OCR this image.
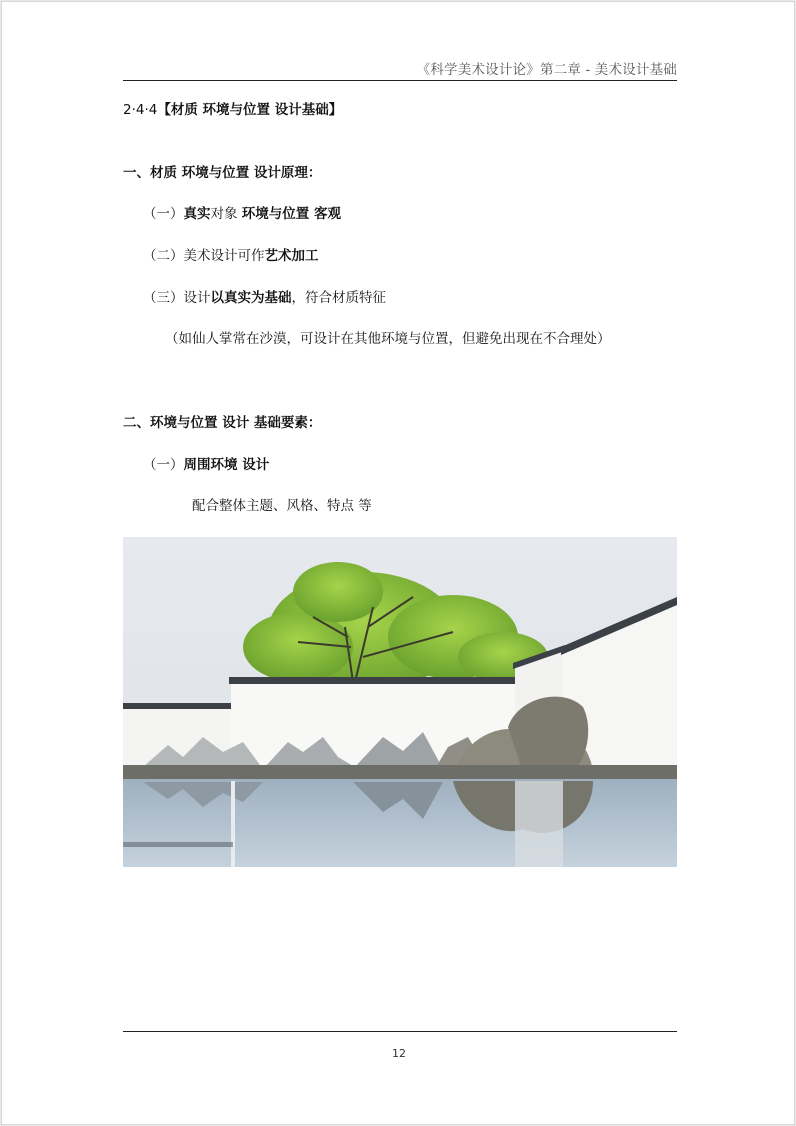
《科学美术设计论》第二章 - 美术设计基础
2·4·4【材质 环境与位置 设计基础】
一、材质 环境与位置 设计原理：
（一）真实对象 环境与位置 客观
（二）美术设计可作艺术加工
（三）设计以真实为基础，符合材质特征
（如仙人掌常在沙漠，可设计在其他环境与位置，但避免出现在不合理处）
二、环境与位置 设计 基础要素：
（一）周围环境 设计
配合整体主题、风格、特点 等
12
